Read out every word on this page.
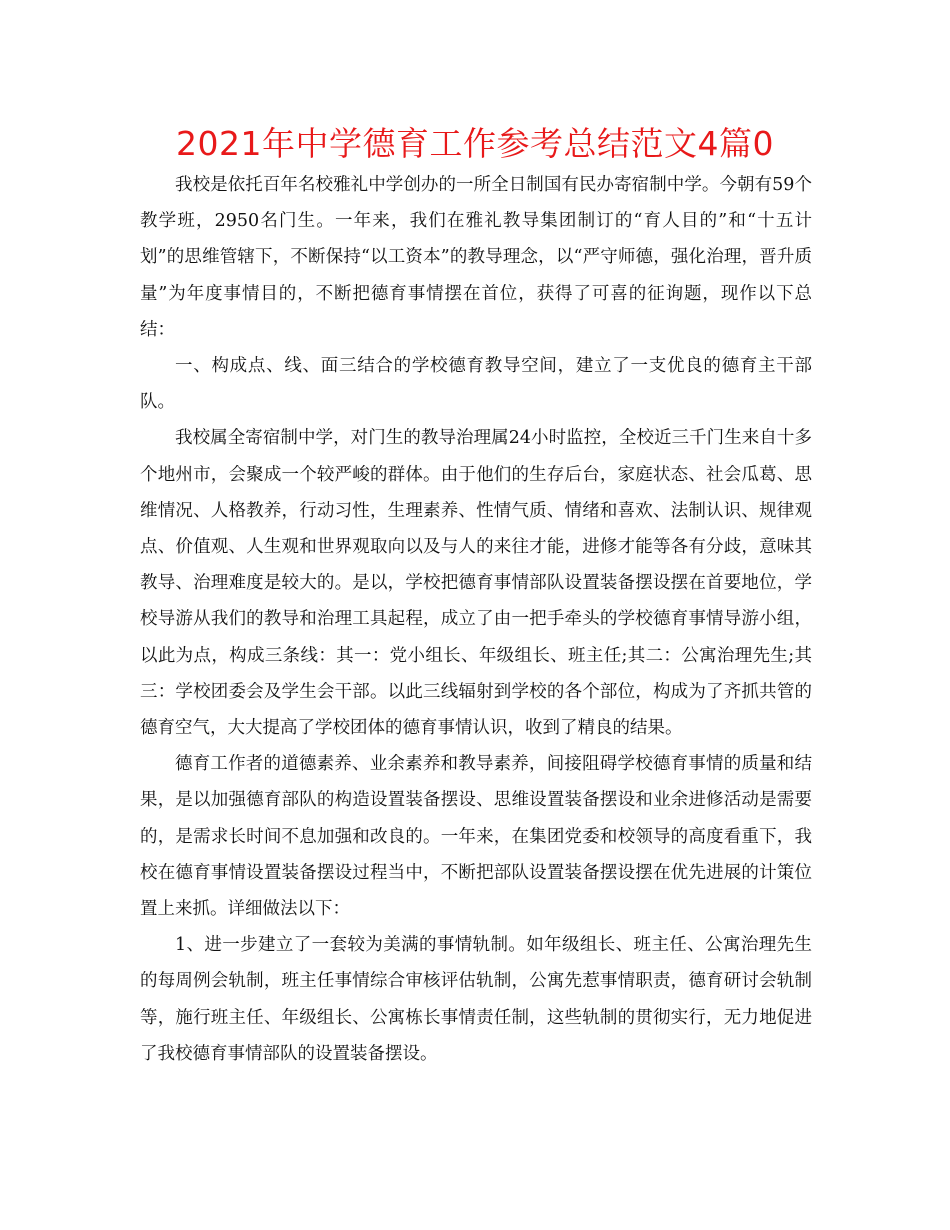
2021年中学德育工作参考总结范文4篇0

我校是依托百年名校雅礼中学创办的一所全日制国有民办寄宿制中学。今朝有59个教学班，2950名门生。一年来，我们在雅礼教导集团制订的“育人目的”和“十五计划”的思维管辖下，不断保持“以工资本”的教导理念，以“严守师德，强化治理，晋升质量”为年度事情目的，不断把德育事情摆在首位，获得了可喜的征询题，现作以下总结：

一、构成点、线、面三结合的学校德育教导空间，建立了一支优良的德育主干部队。

我校属全寄宿制中学，对门生的教导治理属24小时监控，全校近三千门生来自十多个地州市，会聚成一个较严峻的群体。由于他们的生存后台，家庭状态、社会瓜葛、思维情况、人格教养，行动习性，生理素养、性情气质、情绪和喜欢、法制认识、规律观点、价值观、人生观和世界观取向以及与人的来往才能，进修才能等各有分歧，意味其教导、治理难度是较大的。是以，学校把德育事情部队设置装备摆设摆在首要地位，学校导游从我们的教导和治理工具起程，成立了由一把手牵头的学校德育事情导游小组，以此为点，构成三条线：其一：党小组长、年级组长、班主任;其二：公寓治理先生;其三：学校团委会及学生会干部。以此三线辐射到学校的各个部位，构成为了齐抓共管的德育空气，大大提高了学校团体的德育事情认识，收到了精良的结果。

德育工作者的道德素养、业余素养和教导素养，间接阻碍学校德育事情的质量和结果，是以加强德育部队的构造设置装备摆设、思维设置装备摆设和业余进修活动是需要的，是需求长时间不息加强和改良的。一年来，在集团党委和校领导的高度看重下，我校在德育事情设置装备摆设过程当中，不断把部队设置装备摆设摆在优先进展的计策位置上来抓。详细做法以下：

1、进一步建立了一套较为美满的事情轨制。如年级组长、班主任、公寓治理先生的每周例会轨制，班主任事情综合审核评估轨制，公寓先惹事情职责，德育研讨会轨制等，施行班主任、年级组长、公寓栋长事情责任制，这些轨制的贯彻实行，无力地促进了我校德育事情部队的设置装备摆设。
